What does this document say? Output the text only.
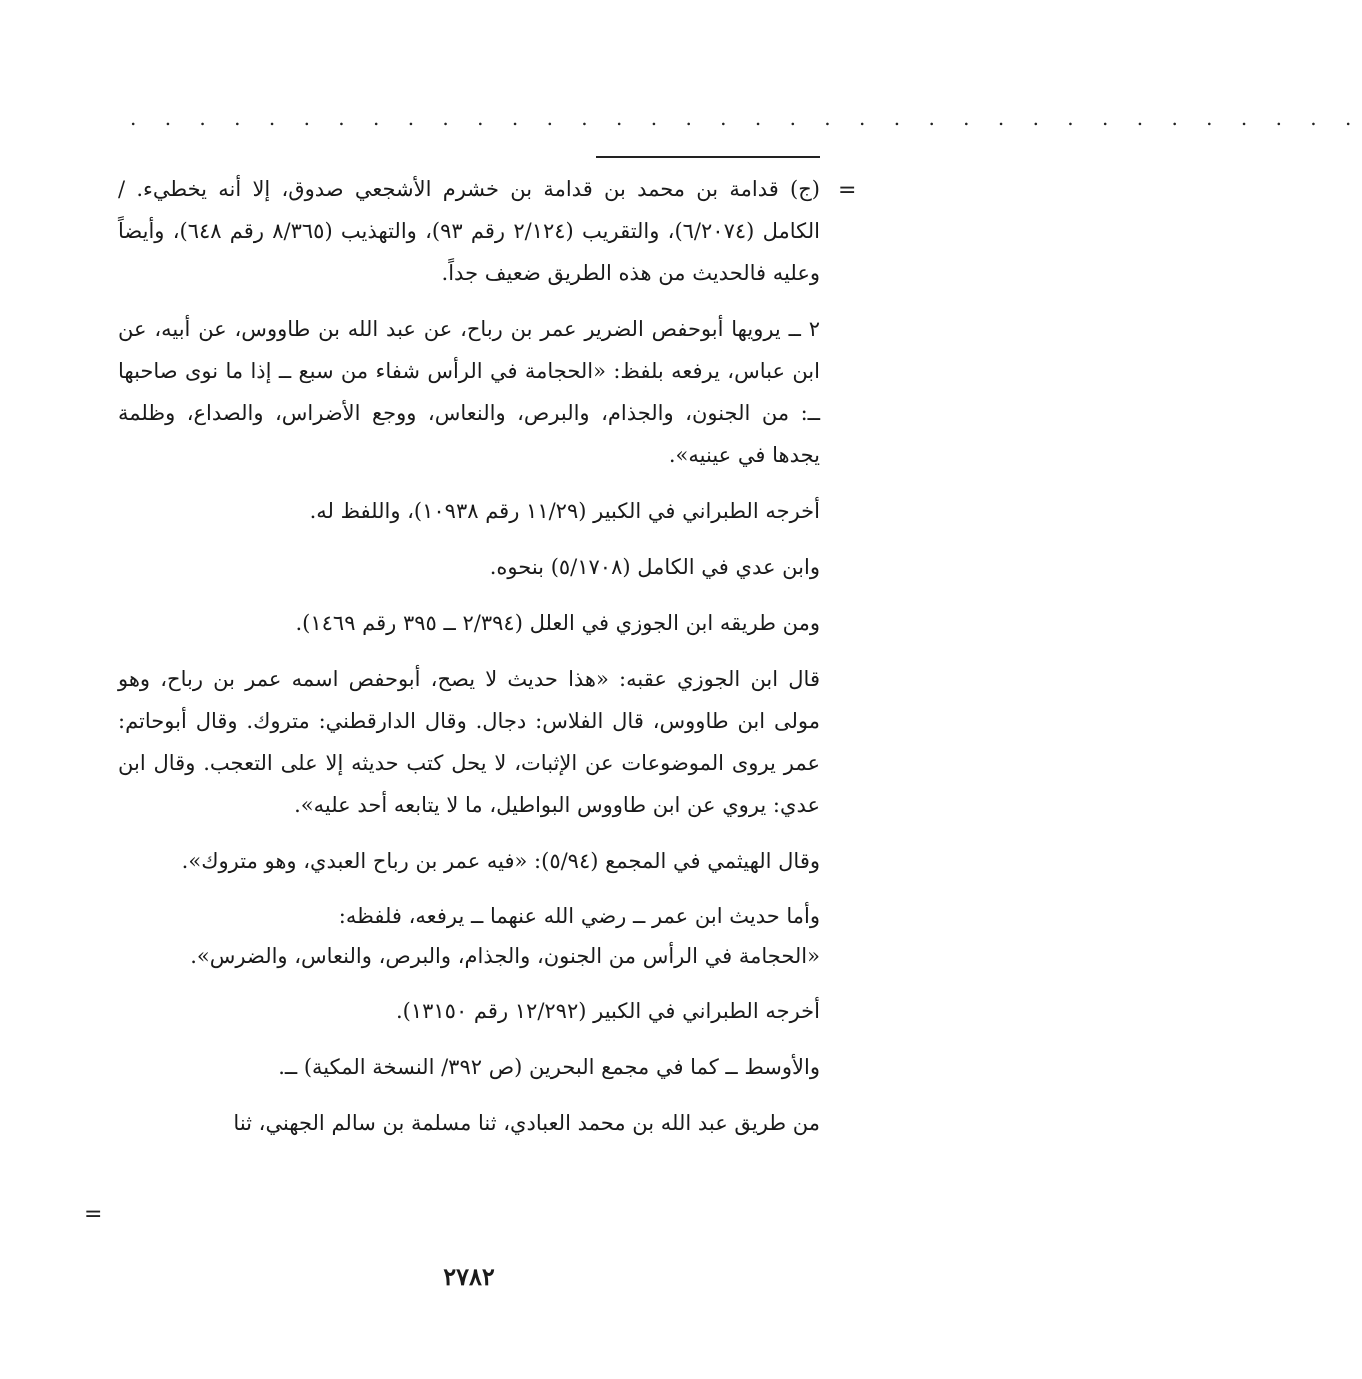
. . . . . . . . . . . . . . . . . . . . . . . . . . . . . . . . . . . .
=

(ج) قدامة بن محمد بن قدامة بن خشرم الأشجعي صدوق، إلا أنه يخطيء. / الكامل (٦/٢٠٧٤)، والتقريب (٢/١٢٤ رقم ٩٣)، والتهذيب (٨/٣٦٥ رقم ٦٤٨)، وأيضاً وعليه فالحديث من هذه الطريق ضعيف جداً.

٢ ــ يرويها أبوحفص الضرير عمر بن رباح، عن عبد الله بن طاووس، عن أبيه، عن ابن عباس، يرفعه بلفظ: «الحجامة في الرأس شفاء من سبع ــ إذا ما نوى صاحبها ــ: من الجنون، والجذام، والبرص، والنعاس، ووجع الأضراس، والصداع، وظلمة يجدها في عينيه».

أخرجه الطبراني في الكبير (١١/٢٩ رقم ١٠٩٣٨)، واللفظ له.

وابن عدي في الكامل (٥/١٧٠٨) بنحوه.

ومن طريقه ابن الجوزي في العلل (٢/٣٩٤ ــ ٣٩٥ رقم ١٤٦٩).

قال ابن الجوزي عقبه: «هذا حديث لا يصح، أبوحفص اسمه عمر بن رباح، وهو مولى ابن طاووس، قال الفلاس: دجال. وقال الدارقطني: متروك. وقال أبوحاتم: عمر يروى الموضوعات عن الإثبات، لا يحل كتب حديثه إلا على التعجب. وقال ابن عدي: يروي عن ابن طاووس البواطيل، ما لا يتابعه أحد عليه».

وقال الهيثمي في المجمع (٥/٩٤): «فيه عمر بن رباح العبدي، وهو متروك».

وأما حديث ابن عمر ــ رضي الله عنهما ــ يرفعه، فلفظه:

«الحجامة في الرأس من الجنون، والجذام، والبرص، والنعاس، والضرس».

أخرجه الطبراني في الكبير (١٢/٢٩٢ رقم ١٣١٥٠).

والأوسط ــ كما في مجمع البحرين (ص ٣٩٢/ النسخة المكية) ــ.

من طريق عبد الله بن محمد العبادي، ثنا مسلمة بن سالم الجهني، ثنا

=
٢٧٨٢
